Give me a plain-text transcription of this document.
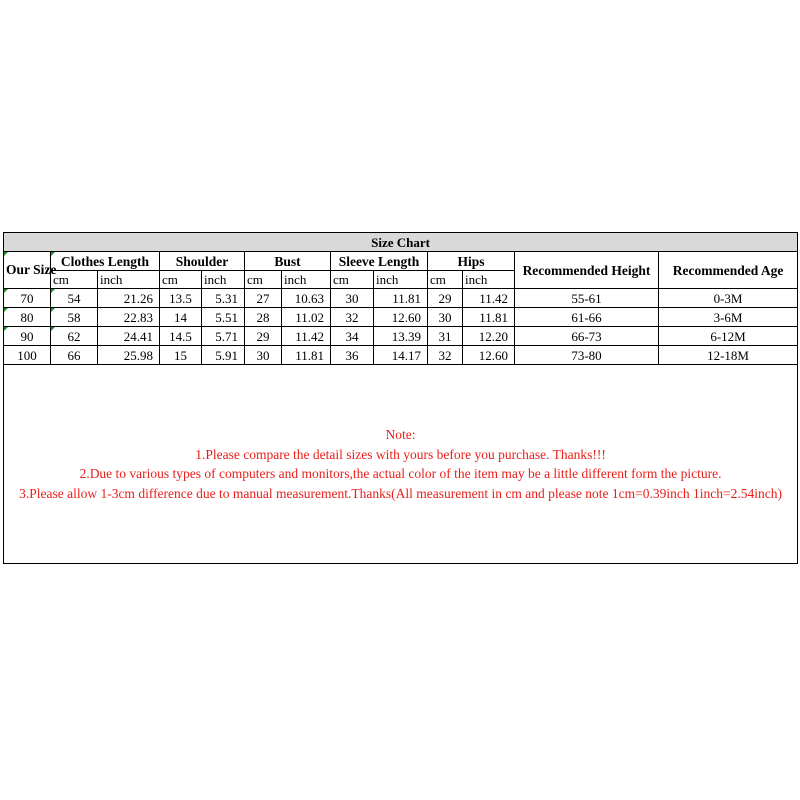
Size Chart												
Our Size	Clothes Length		Shoulder		Bust		Sleeve Length		Hips		Recommended Height	Recommended Age
	cm	inch	cm	inch	cm	inch	cm	inch	cm	inch		
70	54	21.26	13.5	5.31	27	10.63	30	11.81	29	11.42	55-61	0-3M
80	58	22.83	14	5.51	28	11.02	32	12.60	30	11.81	61-66	3-6M
90	62	24.41	14.5	5.71	29	11.42	34	13.39	31	12.20	66-73	6-12M
100	66	25.98	15	5.91	30	11.81	36	14.17	32	12.60	73-80	12-18M

Note:
1.Please compare the detail sizes with yours before you purchase. Thanks!!!
2.Due to various types of computers and monitors,the actual color of the item may be a little different form the picture.
3.Please allow 1-3cm difference due to manual measurement.Thanks(All measurement in cm and please note 1cm=0.39inch 1inch=2.54inch)												
